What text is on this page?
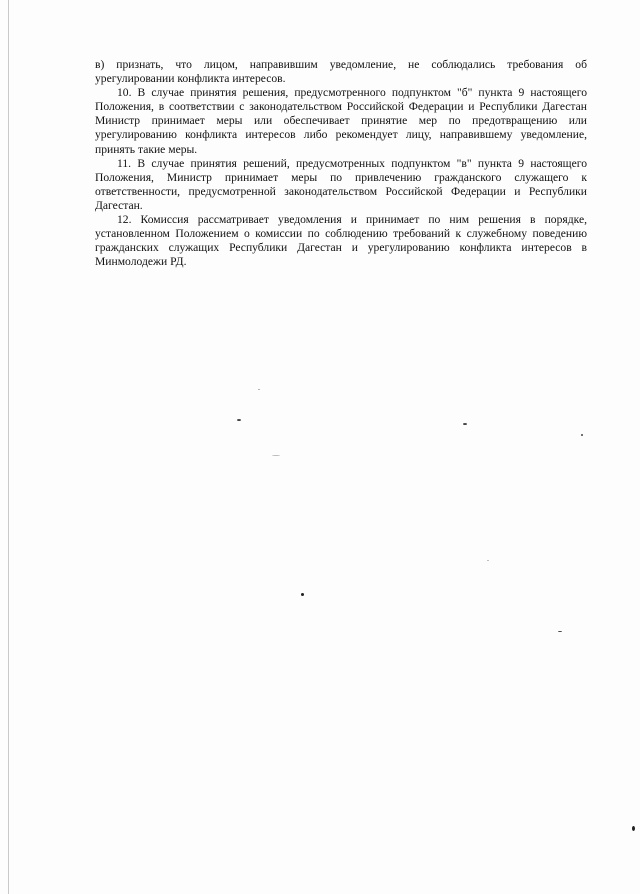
в) признать, что лицом, направившим уведомление, не соблюдались требования об урегулировании конфликта интересов.

10. В случае принятия решения, предусмотренного подпунктом "б" пункта 9 настоящего Положения, в соответствии с законодательством Российской Федерации и Республики Дагестан Министр принимает меры или обеспечивает принятие мер по предотвращению или урегулированию конфликта интересов либо рекомендует лицу, направившему уведомление, принять такие меры.

11. В случае принятия решений, предусмотренных подпунктом "в" пункта 9 настоящего Положения, Министр принимает меры по привлечению гражданского служащего к ответственности, предусмотренной законодательством Российской Федерации и Республики Дагестан.

12. Комиссия рассматривает уведомления и принимает по ним решения в порядке, установленном Положением о комиссии по соблюдению требований к служебному поведению гражданских служащих Республики Дагестан и урегулированию конфликта интересов в Минмолодежи РД.
